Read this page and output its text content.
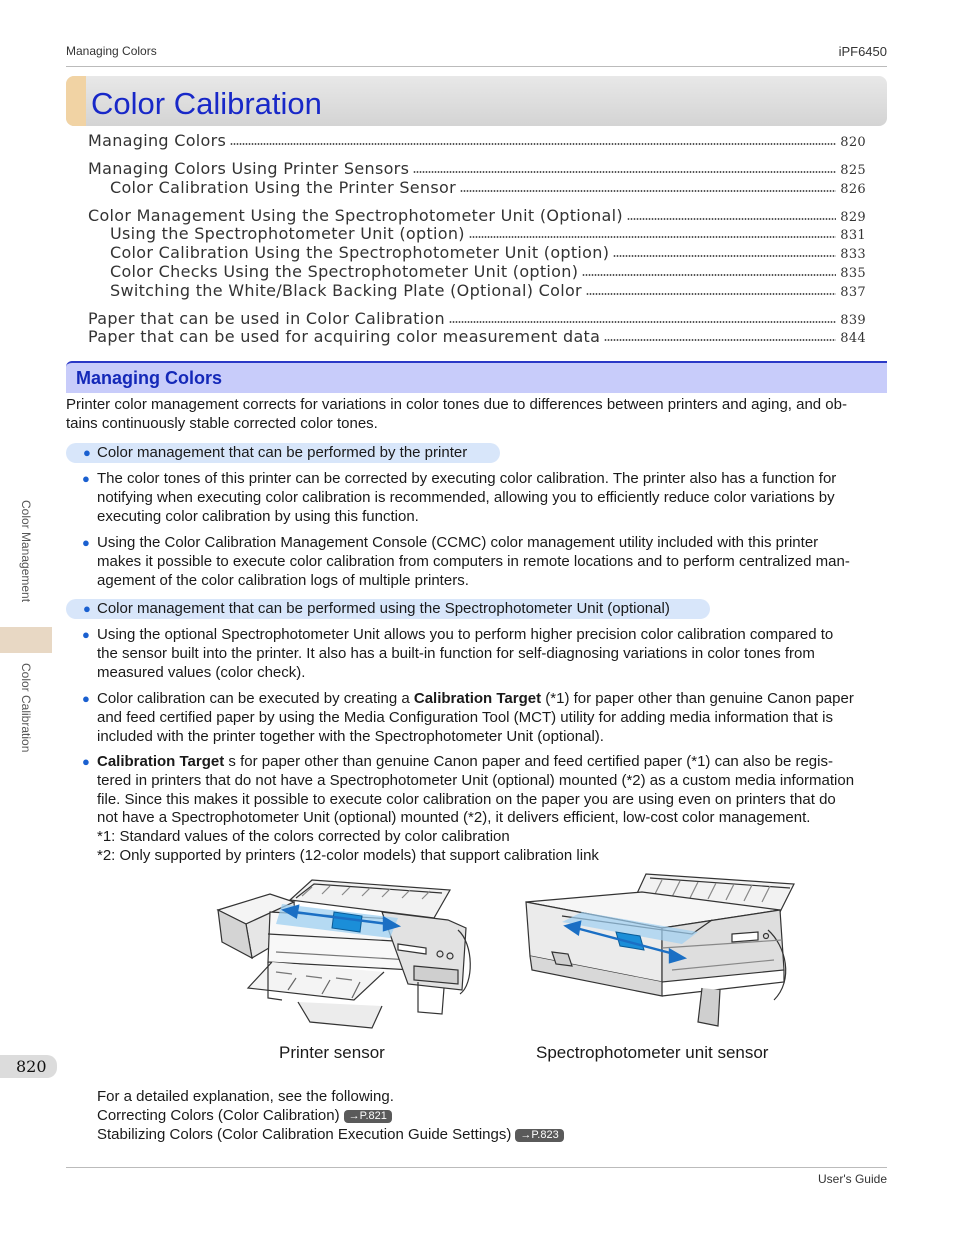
Managing Colors	iPF6450
Color Calibration
Managing Colors	820
Managing Colors Using Printer Sensors	825
Color Calibration Using the Printer Sensor	826
Color Management Using the Spectrophotometer Unit (Optional)	829
Using the Spectrophotometer Unit (option)	831
Color Calibration Using the Spectrophotometer Unit (option)	833
Color Checks Using the Spectrophotometer Unit (option)	835
Switching the White/Black Backing Plate (Optional) Color	837
Paper that can be used in Color Calibration	839
Paper that can be used for acquiring color measurement data	844
Managing Colors
Printer color management corrects for variations in color tones due to differences between printers and aging, and ob-
tains continuously stable corrected color tones.
● Color management that can be performed by the printer
● The color tones of this printer can be corrected by executing color calibration. The printer also has a function for
notifying when executing color calibration is recommended, allowing you to efficiently reduce color variations by
executing color calibration by using this function.
● Using the Color Calibration Management Console (CCMC) color management utility included with this printer
makes it possible to execute color calibration from computers in remote locations and to perform centralized man-
agement of the color calibration logs of multiple printers.
● Color management that can be performed using the Spectrophotometer Unit (optional)
● Using the optional Spectrophotometer Unit allows you to perform higher precision color calibration compared to
the sensor built into the printer. It also has a built-in function for self-diagnosing variations in color tones from
measured values (color check).
● Color calibration can be executed by creating a Calibration Target (*1) for paper other than genuine Canon paper
and feed certified paper by using the Media Configuration Tool (MCT) utility for adding media information that is
included with the printer together with the Spectrophotometer Unit (optional).
● Calibration Target s for paper other than genuine Canon paper and feed certified paper (*1) can also be regis-
tered in printers that do not have a Spectrophotometer Unit (optional) mounted (*2) as a custom media information
file. Since this makes it possible to execute color calibration on the paper you are using even on printers that do
not have a Spectrophotometer Unit (optional) mounted (*2), it delivers efficient, low-cost color management.
*1: Standard values of the colors corrected by color calibration
*2: Only supported by printers (12-color models) that support calibration link
Printer sensor	Spectrophotometer unit sensor
For a detailed explanation, see the following.
Correcting Colors (Color Calibration) →P.821
Stabilizing Colors (Color Calibration Execution Guide Settings) →P.823
Color Management
Color Calibration
820
User's Guide
